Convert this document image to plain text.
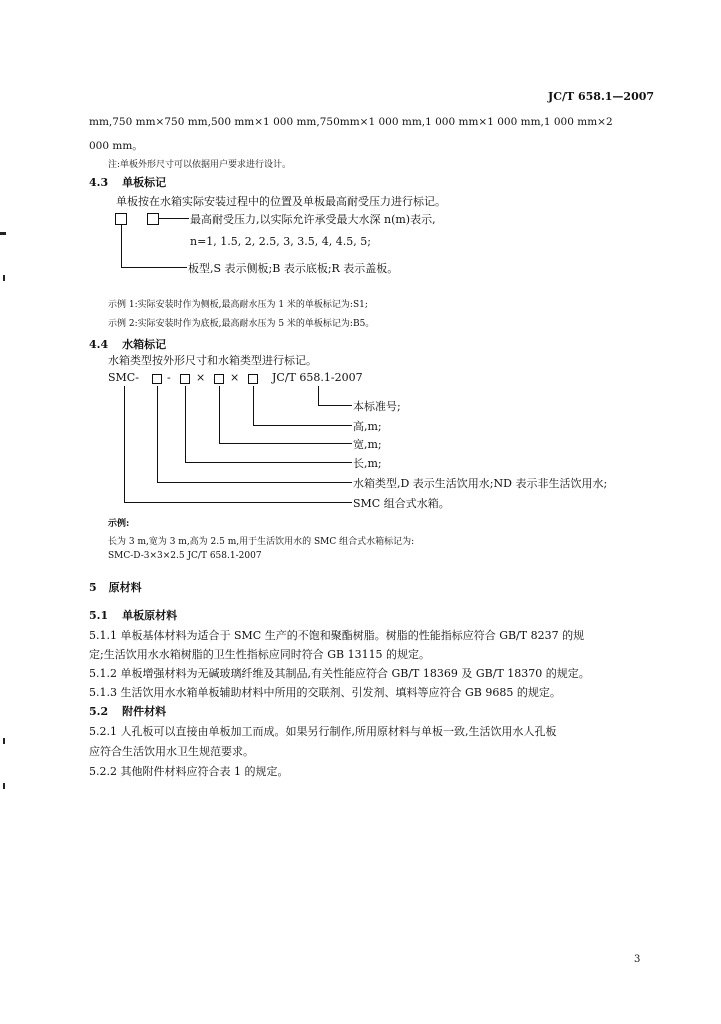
JC/T 658.1—2007
mm,750 mm×750 mm,500 mm×1 000 mm,750mm×1 000 mm,1 000 mm×1 000 mm,1 000 mm×2
000 mm。
注:单板外形尺寸可以依据用户要求进行设计。
4.3 单板标记
单板按在水箱实际安装过程中的位置及单板最高耐受压力进行标记。
最高耐受压力,以实际允许承受最大水深 n(m)表示,
n=1, 1.5, 2, 2.5, 3, 3.5, 4, 4.5, 5;
板型,S 表示侧板;B 表示底板;R 表示盖板。
示例 1:实际安装时作为侧板,最高耐水压为 1 米的单板标记为:S1;
示例 2:实际安装时作为底板,最高耐水压为 5 米的单板标记为:B5。
4.4 水箱标记
水箱类型按外形尺寸和水箱类型进行标记。
SMC-	- × ×	JC/T 658.1-2007
本标准号;
高,m;
宽,m;
长,m;
水箱类型,D 表示生活饮用水;ND 表示非生活饮用水;
SMC 组合式水箱。
示例:
长为 3 m,宽为 3 m,高为 2.5 m,用于生活饮用水的 SMC 组合式水箱标记为:
SMC-D-3×3×2.5 JC/T 658.1-2007
5 原材料
5.1 单板原材料
5.1.1 单板基体材料为适合于 SMC 生产的不饱和聚酯树脂。树脂的性能指标应符合 GB/T 8237 的规
定;生活饮用水水箱树脂的卫生性指标应同时符合 GB 13115 的规定。
5.1.2 单板增强材料为无碱玻璃纤维及其制品,有关性能应符合 GB/T 18369 及 GB/T 18370 的规定。
5.1.3 生活饮用水水箱单板辅助材料中所用的交联剂、引发剂、填料等应符合 GB 9685 的规定。
5.2 附件材料
5.2.1 人孔板可以直接由单板加工而成。如果另行制作,所用原材料与单板一致,生活饮用水人孔板
应符合生活饮用水卫生规范要求。
5.2.2 其他附件材料应符合表 1 的规定。
3
